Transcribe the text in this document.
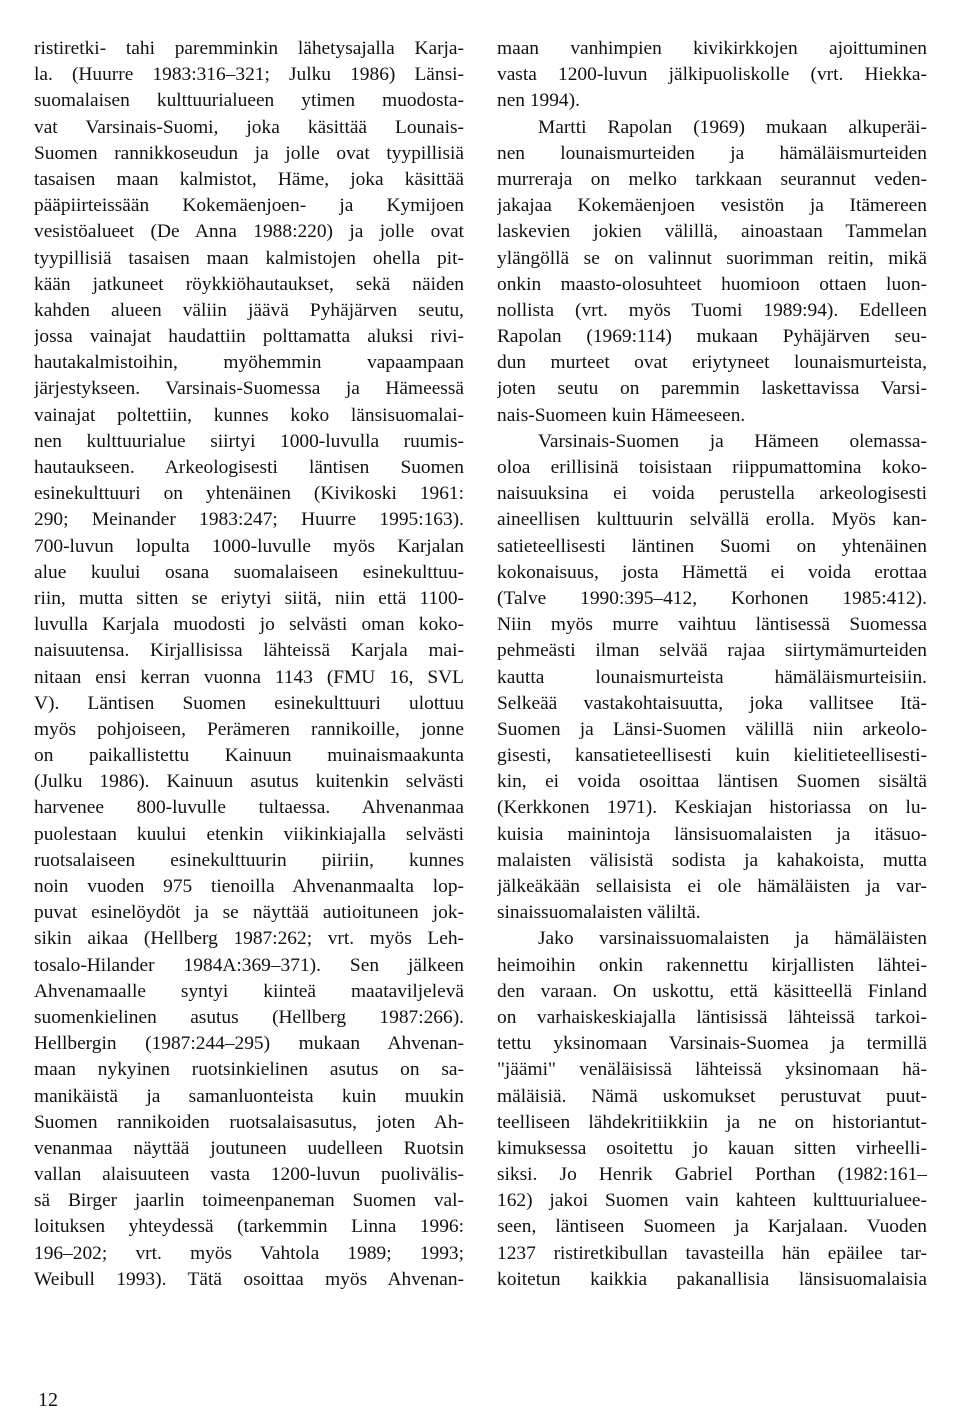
ristiretki- tahi paremminkin lähetysajalla Karja-
la. (Huurre 1983:316–321; Julku 1986) Länsi-
suomalaisen kulttuurialueen ytimen muodosta-
vat Varsinais-Suomi, joka käsittää Lounais-
Suomen rannikkoseudun ja jolle ovat tyypillisiä
tasaisen maan kalmistot, Häme, joka käsittää
pääpiirteissään Kokemäenjoen- ja Kymijoen
vesistöalueet (De Anna 1988:220) ja jolle ovat
tyypillisiä tasaisen maan kalmistojen ohella pit-
kään jatkuneet röykkiöhautaukset, sekä näiden
kahden alueen väliin jäävä Pyhäjärven seutu,
jossa vainajat haudattiin polttamatta aluksi rivi-
hautakalmistoihin, myöhemmin vapaampaan
järjestykseen. Varsinais-Suomessa ja Hämeessä
vainajat poltettiin, kunnes koko länsisuomalai-
nen kulttuurialue siirtyi 1000-luvulla ruumis-
hautaukseen. Arkeologisesti läntisen Suomen
esinekulttuuri on yhtenäinen (Kivikoski 1961:
290; Meinander 1983:247; Huurre 1995:163).
700-luvun lopulta 1000-luvulle myös Karjalan
alue kuului osana suomalaiseen esinekulttuu-
riin, mutta sitten se eriytyi siitä, niin että 1100-
luvulla Karjala muodosti jo selvästi oman koko-
naisuutensa. Kirjallisissa lähteissä Karjala mai-
nitaan ensi kerran vuonna 1143 (FMU 16, SVL
V). Läntisen Suomen esinekulttuuri ulottuu
myös pohjoiseen, Perämeren rannikoille, jonne
on paikallistettu Kainuun muinaismaakunta
(Julku 1986). Kainuun asutus kuitenkin selvästi
harvenee 800-luvulle tultaessa. Ahvenanmaa
puolestaan kuului etenkin viikinkiajalla selvästi
ruotsalaiseen esinekulttuurin piiriin, kunnes
noin vuoden 975 tienoilla Ahvenanmaalta lop-
puvat esinelöydöt ja se näyttää autioituneen jok-
sikin aikaa (Hellberg 1987:262; vrt. myös Leh-
tosalo-Hilander 1984A:369–371). Sen jälkeen
Ahvenamaalle syntyi kiinteä maataviljelevä
suomenkielinen asutus (Hellberg 1987:266).
Hellbergin (1987:244–295) mukaan Ahvenan-
maan nykyinen ruotsinkielinen asutus on sa-
manikäistä ja samanluonteista kuin muukin
Suomen rannikoiden ruotsalaisasutus, joten Ah-
venanmaa näyttää joutuneen uudelleen Ruotsin
vallan alaisuuteen vasta 1200-luvun puolivälis-
sä Birger jaarlin toimeenpaneman Suomen val-
loituksen yhteydessä (tarkemmin Linna 1996:
196–202; vrt. myös Vahtola 1989; 1993;
Weibull 1993). Tätä osoittaa myös Ahvenan-
maan vanhimpien kivikirkkojen ajoittuminen
vasta 1200-luvun jälkipuoliskolle (vrt. Hiekka-
nen 1994).
Martti Rapolan (1969) mukaan alkuperäi-
nen lounaismurteiden ja hämäläismurteiden
murreraja on melko tarkkaan seurannut veden-
jakajaa Kokemäenjoen vesistön ja Itämereen
laskevien jokien välillä, ainoastaan Tammelan
ylängöllä se on valinnut suorimman reitin, mikä
onkin maasto-olosuhteet huomioon ottaen luon-
nollista (vrt. myös Tuomi 1989:94). Edelleen
Rapolan (1969:114) mukaan Pyhäjärven seu-
dun murteet ovat eriytyneet lounaismurteista,
joten seutu on paremmin laskettavissa Varsi-
nais-Suomeen kuin Hämeeseen.
Varsinais-Suomen ja Hämeen olemassa-
oloa erillisinä toisistaan riippumattomina koko-
naisuuksina ei voida perustella arkeologisesti
aineellisen kulttuurin selvällä erolla. Myös kan-
satieteellisesti läntinen Suomi on yhtenäinen
kokonaisuus, josta Hämettä ei voida erottaa
(Talve 1990:395–412, Korhonen 1985:412).
Niin myös murre vaihtuu läntisessä Suomessa
pehmeästi ilman selvää rajaa siirtymämurteiden
kautta lounaismurteista hämäläismurteisiin.
Selkeää vastakohtaisuutta, joka vallitsee Itä-
Suomen ja Länsi-Suomen välillä niin arkeolo-
gisesti, kansatieteellisesti kuin kielitieteellisesti-
kin, ei voida osoittaa läntisen Suomen sisältä
(Kerkkonen 1971). Keskiajan historiassa on lu-
kuisia mainintoja länsisuomalaisten ja itäsuo-
malaisten välisistä sodista ja kahakoista, mutta
jälkeäkään sellaisista ei ole hämäläisten ja var-
sinaissuomalaisten väliltä.
Jako varsinaissuomalaisten ja hämäläisten
heimoihin onkin rakennettu kirjallisten lähtei-
den varaan. On uskottu, että käsitteellä Finland
on varhaiskeskiajalla läntisissä lähteissä tarkoi-
tettu yksinomaan Varsinais-Suomea ja termillä
"jäämi" venäläisissä lähteissä yksinomaan hä-
mäläisiä. Nämä uskomukset perustuvat puut-
teelliseen lähdekritiikkiin ja ne on historiantut-
kimuksessa osoitettu jo kauan sitten virheelli-
siksi. Jo Henrik Gabriel Porthan (1982:161–
162) jakoi Suomen vain kahteen kulttuurialuee-
seen, läntiseen Suomeen ja Karjalaan. Vuoden
1237 ristiretkibullan tavasteilla hän epäilee tar-
koitetun kaikkia pakanallisia länsisuomalaisia
12
